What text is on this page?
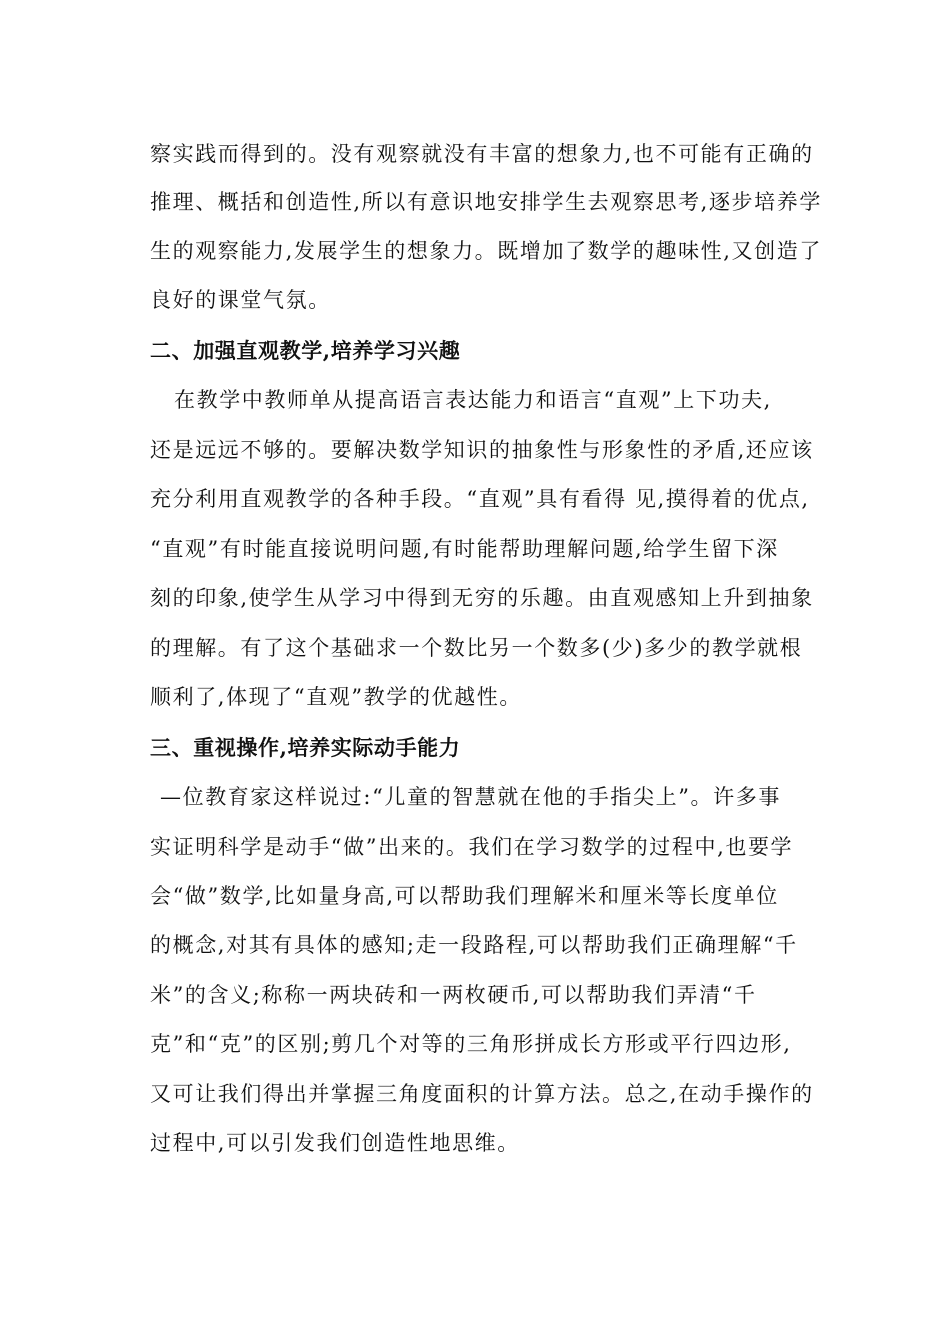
察实践而得到的。没有观察就没有丰富的想象力,也不可能有正确的
推理、概括和创造性,所以有意识地安排学生去观察思考,逐步培养学
生的观察能力,发展学生的想象力。既增加了数学的趣味性,又创造了
良好的课堂气氛。
二、加强直观教学,培养学习兴趣
在教学中教师单从提高语言表达能力和语言“直观”上下功夫,
还是远远不够的。要解决数学知识的抽象性与形象性的矛盾,还应该
充分利用直观教学的各种手段。“直观”具有看得 见,摸得着的优点,
“直观”有时能直接说明问题,有时能帮助理解问题,给学生留下深
刻的印象,使学生从学习中得到无穷的乐趣。由直观感知上升到抽象
的理解。有了这个基础求一个数比另一个数多(少)多少的教学就根
顺利了,体现了“直观”教学的优越性。
三、重视操作,培养实际动手能力
—位教育家这样说过:“儿童的智慧就在他的手指尖上”。许多事
实证明科学是动手“做”出来的。我们在学习数学的过程中,也要学
会“做”数学,比如量身高,可以帮助我们理解米和厘米等长度单位
的概念,对其有具体的感知;走一段路程,可以帮助我们正确理解“千
米”的含义;称称一两块砖和一两枚硬币,可以帮助我们弄清“千
克”和“克”的区别;剪几个对等的三角形拼成长方形或平行四边形,
又可让我们得出并掌握三角度面积的计算方法。总之,在动手操作的
过程中,可以引发我们创造性地思维。
